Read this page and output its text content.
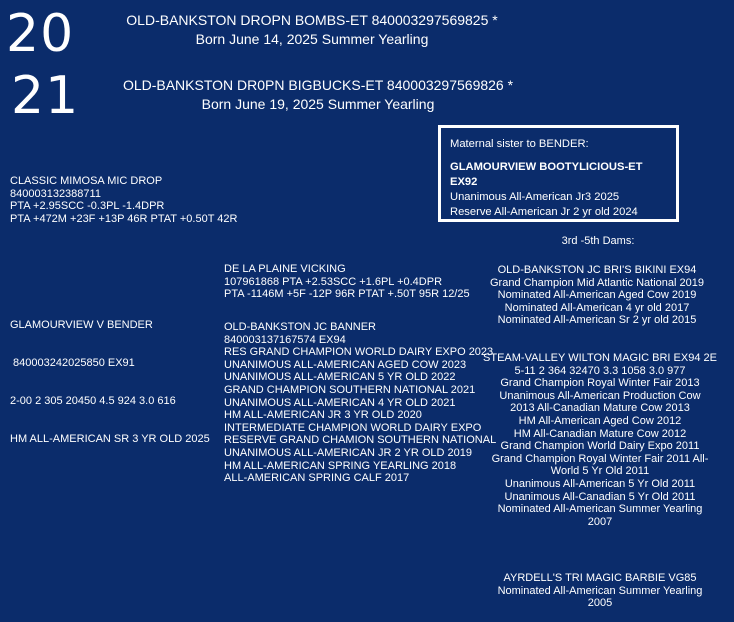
20	OLD-BANKSTON DROPN BOMBS-ET 840003297569825 *
Born June 14, 2025 Summer Yearling
21	OLD-BANKSTON DR0PN BIGBUCKS-ET 840003297569826 *
Born June 19, 2025 Summer Yearling
Maternal sister to BENDER:
GLAMOURVIEW BOOTYLICIOUS-ET EX92
Unanimous All-American Jr3 2025
Reserve All-American Jr 2 yr old 2024
CLASSIC MIMOSA MIC DROP
840003132388711
PTA +2.95SCC -0.3PL -1.4DPR
PTA +472M +23F +13P 46R PTAT +0.50T 42R

GLAMOURVIEW V BENDER

840003242025850 EX91

2-00 2 305 20450 4.5 924 3.0 616

HM ALL-AMERICAN SR 3 YR OLD 2025

DE LA PLAINE VICKING
107961868 PTA +2.53SCC +1.6PL +0.4DPR
PTA -1146M +5F -12P 96R PTAT +.50T 95R 12/25
OLD-BANKSTON JC BANNER
840003137167574 EX94
RES GRAND CHAMPION WORLD DAIRY EXPO 2023
UNANIMOUS ALL-AMERICAN AGED COW 2023
UNANIMOUS ALL-AMERICAN 5 YR OLD 2022
GRAND CHAMPION SOUTHERN NATIONAL 2021
UNANIMOUS ALL-AMERICAN 4 YR OLD 2021
HM ALL-AMERICAN JR 3 YR OLD 2020
INTERMEDIATE CHAMPION WORLD DAIRY EXPO
RESERVE GRAND CHAMION SOUTHERN NATIONAL
UNANIMOUS ALL-AMERICAN JR 2 YR OLD 2019
HM ALL-AMERICAN SPRING YEARLING 2018
ALL-AMERICAN SPRING CALF 2017
3rd -5th Dams:
OLD-BANKSTON JC BRI'S BIKINI EX94
Grand Champion Mid Atlantic National 2019
Nominated All-American Aged Cow 2019
Nominated All-American 4 yr old 2017
Nominated All-American Sr 2 yr old 2015
STEAM-VALLEY WILTON MAGIC BRI EX94 2E
5-11 2 364 32470 3.3 1058 3.0 977
Grand Champion Royal Winter Fair 2013
Unanimous All-American Production Cow
2013 All-Canadian Mature Cow 2013
HM All-American Aged Cow 2012
HM All-Canadian Mature Cow 2012
Grand Champion World Dairy Expo 2011
Grand Champion Royal Winter Fair 2011 All-
World 5 Yr Old 2011
Unanimous All-American 5 Yr Old 2011
Unanimous All-Canadian 5 Yr Old 2011
Nominated All-American Summer Yearling
2007
AYRDELL'S TRI MAGIC BARBIE VG85
Nominated All-American Summer Yearling
2005
